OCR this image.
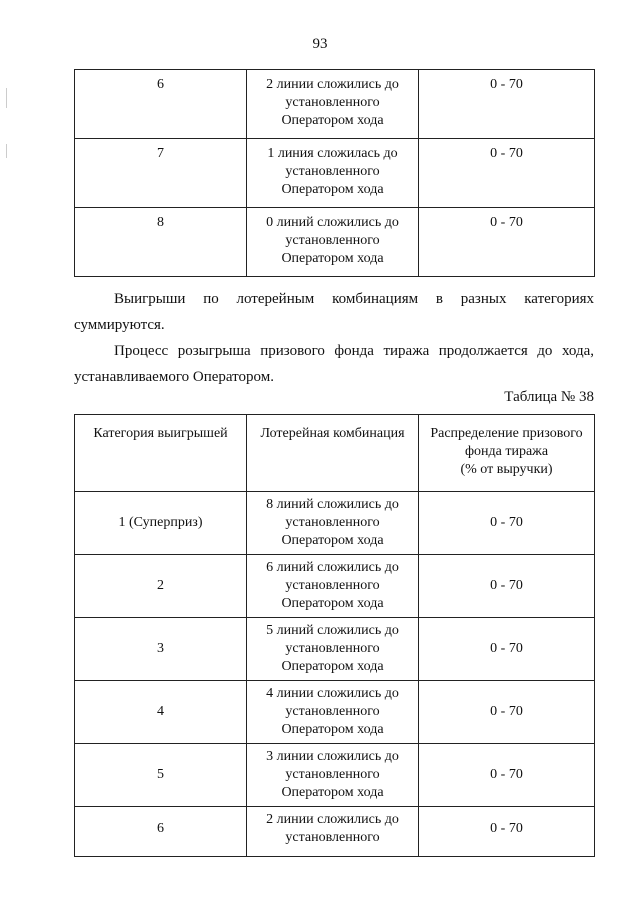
93
6	2 линии сложились до
установленного
Оператором хода	0 - 70
7	1 линия сложилась до
установленного
Оператором хода	0 - 70
8	0 линий сложились до
установленного
Оператором хода	0 - 70

Выигрыши по лотерейным комбинациям в разных категориях
суммируются.

Процесс розыгрыша призового фонда тиража продолжается до хода,
устанавливаемого Оператором.

Таблица № 38
Категория выигрышей	Лотерейная комбинация	Распределение призового
фонда тиража
(% от выручки)
1 (Суперприз)	8 линий сложились до
установленного
Оператором хода	0 - 70
2	6 линий сложились до
установленного
Оператором хода	0 - 70
3	5 линий сложились до
установленного
Оператором хода	0 - 70
4	4 линии сложились до
установленного
Оператором хода	0 - 70
5	3 линии сложились до
установленного
Оператором хода	0 - 70
6	2 линии сложились до
установленного	0 - 70
